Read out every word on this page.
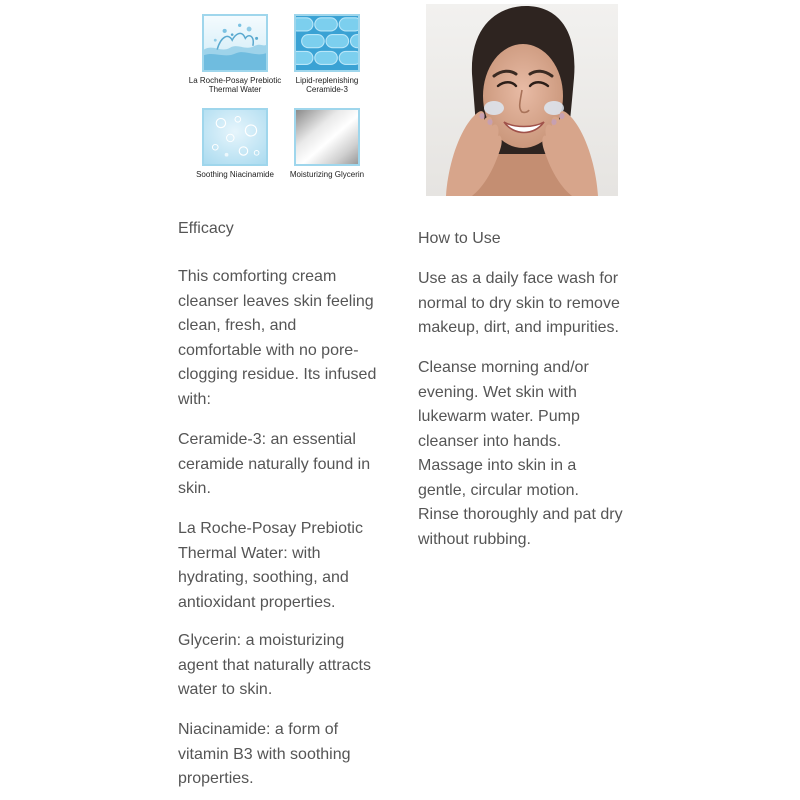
La Roche-Posay Prebiotic Thermal Water
Lipid-replenishing Ceramide-3
Soothing Niacinamide	Moisturizing Glycerin
Efficacy

This comforting cream
cleanser leaves skin feeling
clean, fresh, and
comfortable with no pore-
clogging residue. Its infused
with:

Ceramide-3: an essential
ceramide naturally found in
skin.

La Roche-Posay Prebiotic
Thermal Water: with
hydrating, soothing, and
antioxidant properties.

Glycerin: a moisturizing
agent that naturally attracts
water to skin.

Niacinamide: a form of
vitamin B3 with soothing
properties.

How to Use

Use as a daily face wash for
normal to dry skin to remove
makeup, dirt, and impurities.

Cleanse morning and/or
evening. Wet skin with
lukewarm water. Pump
cleanser into hands.
Massage into skin in a
gentle, circular motion.
Rinse thoroughly and pat dry
without rubbing.
